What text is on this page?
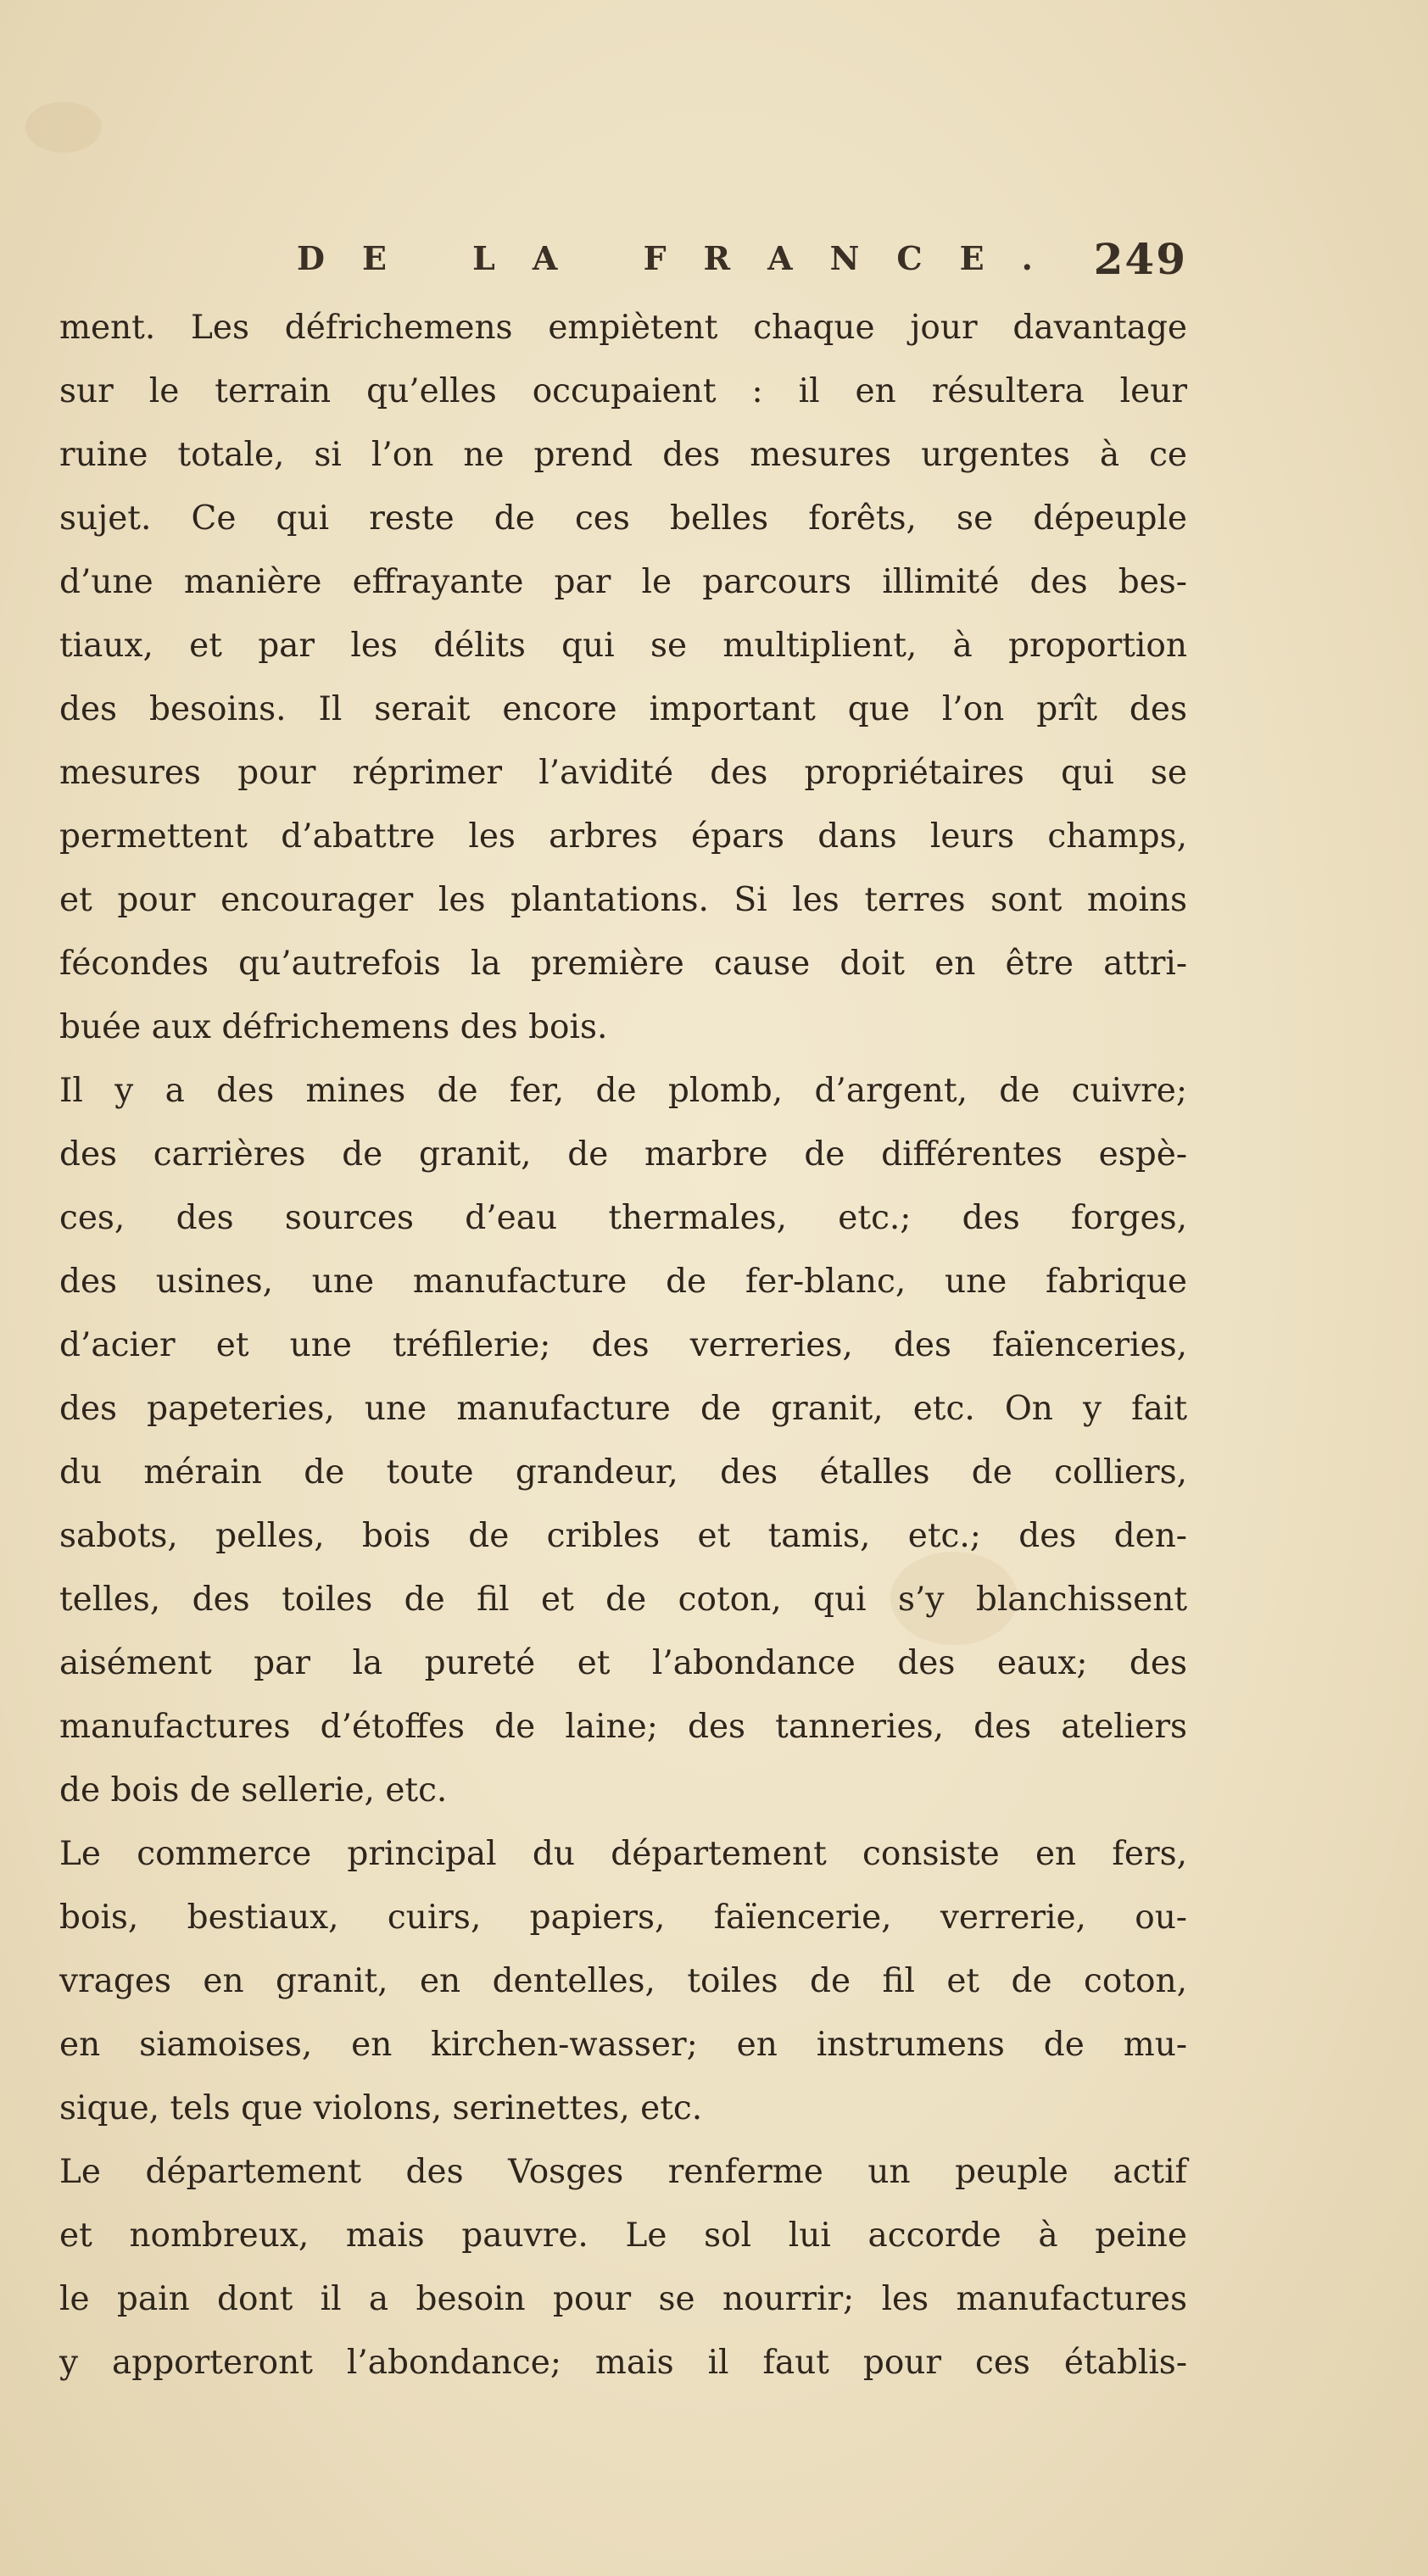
DE LA FRANCE. 249
ment. Les défrichemens empiètent chaque jour davantage
sur le terrain qu’elles occupaient : il en résultera leur
ruine totale, si l’on ne prend des mesures urgentes à ce
sujet. Ce qui reste de ces belles forêts, se dépeuple
d’une manière effrayante par le parcours illimité des bes-
tiaux, et par les délits qui se multiplient, à proportion
des besoins. Il serait encore important que l’on prît des
mesures pour réprimer l’avidité des propriétaires qui se
permettent d’abattre les arbres épars dans leurs champs,
et pour encourager les plantations. Si les terres sont moins
fécondes qu’autrefois la première cause doit en être attri-
buée aux défrichemens des bois.
Il y a des mines de fer, de plomb, d’argent, de cuivre;
des carrières de granit, de marbre de différentes espè-
ces, des sources d’eau thermales, etc.; des forges,
des usines, une manufacture de fer-blanc, une fabrique
d’acier et une tréfilerie; des verreries, des faïenceries,
des papeteries, une manufacture de granit, etc. On y fait
du mérain de toute grandeur, des étalles de colliers,
sabots, pelles, bois de cribles et tamis, etc.; des den-
telles, des toiles de fil et de coton, qui s’y blanchissent
aisément par la pureté et l’abondance des eaux; des
manufactures d’étoffes de laine; des tanneries, des ateliers
de bois de sellerie, etc.
Le commerce principal du département consiste en fers,
bois, bestiaux, cuirs, papiers, faïencerie, verrerie, ou-
vrages en granit, en dentelles, toiles de fil et de coton,
en siamoises, en kirchen-wasser; en instrumens de mu-
sique, tels que violons, serinettes, etc.
Le département des Vosges renferme un peuple actif
et nombreux, mais pauvre. Le sol lui accorde à peine
le pain dont il a besoin pour se nourrir; les manufactures
y apporteront l’abondance; mais il faut pour ces établis-
